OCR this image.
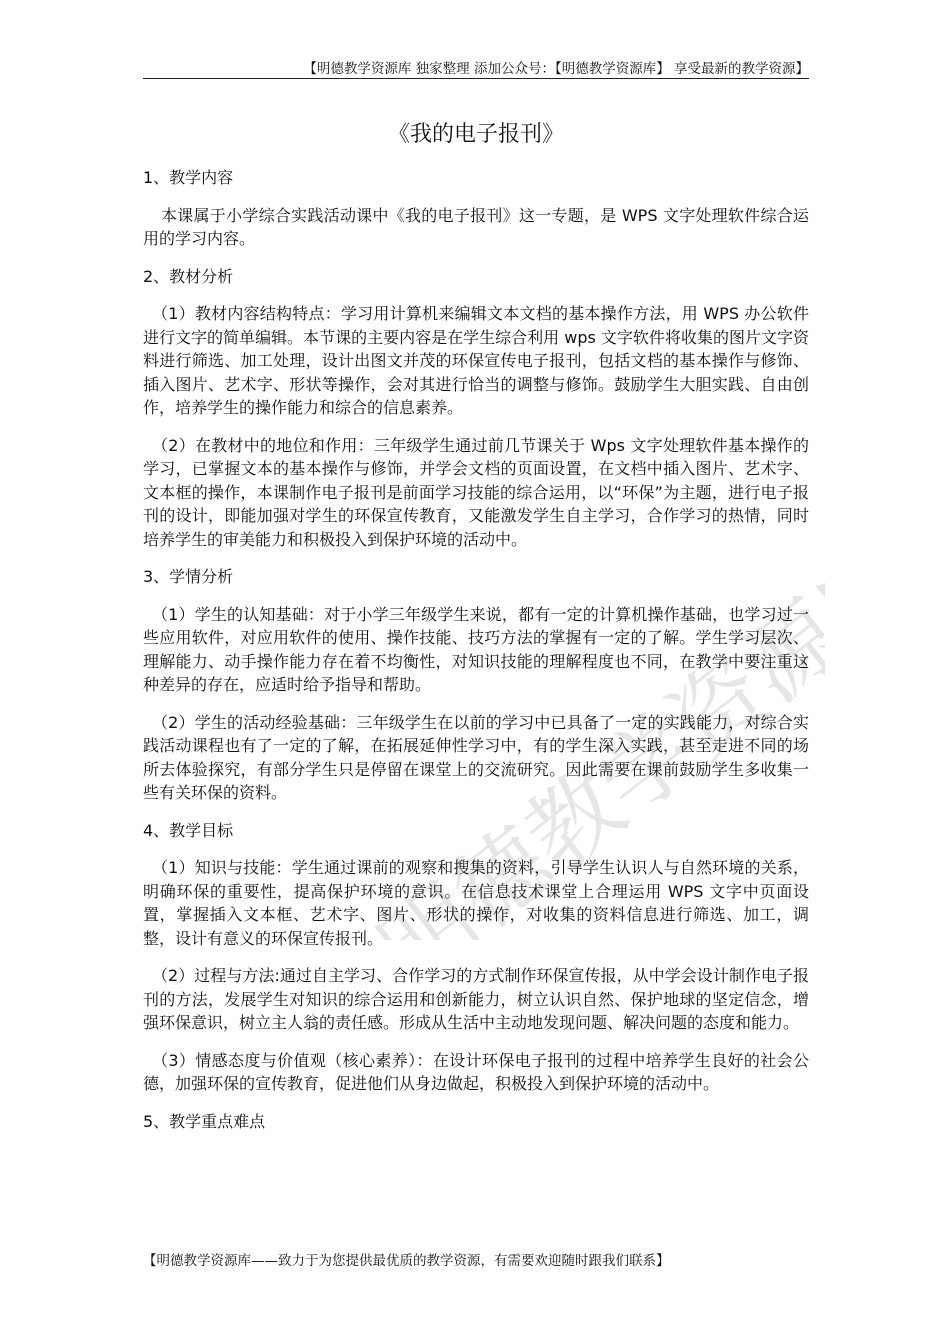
明德教学资源库
【明德教学资源库 独家整理 添加公众号：【明德教学资源库】 享受最新的教学资源】
《我的电子报刊》
1、教学内容
本课属于小学综合实践活动课中《我的电子报刊》这一专题，是 WPS 文字处理软件综合运用的学习内容。
2、教材分析
（1）教材内容结构特点：学习用计算机来编辑文本文档的基本操作方法，用 WPS 办公软件进行文字的简单编辑。本节课的主要内容是在学生综合利用 wps 文字软件将收集的图片文字资料进行筛选、加工处理，设计出图文并茂的环保宣传电子报刊，包括文档的基本操作与修饰、插入图片、艺术字、形状等操作，会对其进行恰当的调整与修饰。鼓励学生大胆实践、自由创作，培养学生的操作能力和综合的信息素养。
（2）在教材中的地位和作用：三年级学生通过前几节课关于 Wps 文字处理软件基本操作的学习，已掌握文本的基本操作与修饰，并学会文档的页面设置，在文档中插入图片、艺术字、文本框的操作，本课制作电子报刊是前面学习技能的综合运用，以“环保”为主题，进行电子报刊的设计，即能加强对学生的环保宣传教育，又能激发学生自主学习，合作学习的热情，同时培养学生的审美能力和积极投入到保护环境的活动中。
3、学情分析
（1）学生的认知基础：对于小学三年级学生来说，都有一定的计算机操作基础，也学习过一些应用软件，对应用软件的使用、操作技能、技巧方法的掌握有一定的了解。学生学习层次、理解能力、动手操作能力存在着不均衡性，对知识技能的理解程度也不同，在教学中要注重这种差异的存在，应适时给予指导和帮助。
（2）学生的活动经验基础：三年级学生在以前的学习中已具备了一定的实践能力，对综合实践活动课程也有了一定的了解，在拓展延伸性学习中，有的学生深入实践，甚至走进不同的场所去体验探究，有部分学生只是停留在课堂上的交流研究。因此需要在课前鼓励学生多收集一些有关环保的资料。
4、教学目标
（1）知识与技能：学生通过课前的观察和搜集的资料，引导学生认识人与自然环境的关系，明确环保的重要性，提高保护环境的意识。在信息技术课堂上合理运用 WPS 文字中页面设置，掌握插入文本框、艺术字、图片、形状的操作，对收集的资料信息进行筛选、加工，调整，设计有意义的环保宣传报刊。
（2）过程与方法:通过自主学习、合作学习的方式制作环保宣传报，从中学会设计制作电子报刊的方法，发展学生对知识的综合运用和创新能力，树立认识自然、保护地球的坚定信念，增强环保意识，树立主人翁的责任感。形成从生活中主动地发现问题、解决问题的态度和能力。
（3）情感态度与价值观（核心素养）：在设计环保电子报刊的过程中培养学生良好的社会公德，加强环保的宣传教育，促进他们从身边做起，积极投入到保护环境的活动中。
5、教学重点难点
【明德教学资源库——致力于为您提供最优质的教学资源，有需要欢迎随时跟我们联系】
